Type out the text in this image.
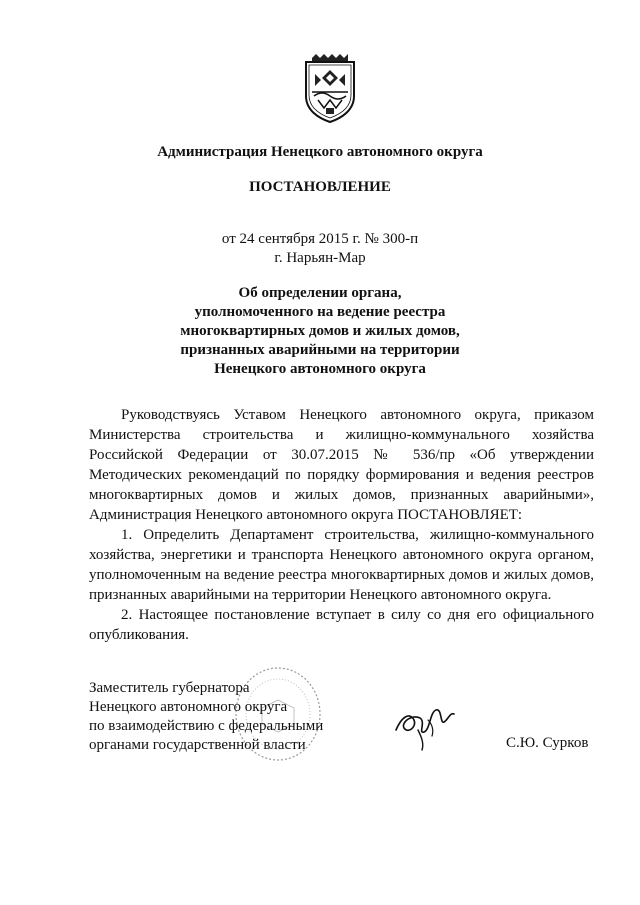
Администрация Ненецкого автономного округа
ПОСТАНОВЛЕНИЕ
от 24 сентября 2015 г. № 300-п
г. Нарьян-Мар
Об определении органа,
уполномоченного на ведение реестра
многоквартирных домов и жилых домов,
признанных аварийными на территории
Ненецкого автономного округа

Руководствуясь Уставом Ненецкого автономного округа, приказом Министерства строительства и жилищно-коммунального хозяйства Российской Федерации от 30.07.2015 № 536/пр «Об утверждении Методических рекомендаций по порядку формирования и ведения реестров многоквартирных домов и жилых домов, признанных аварийными», Администрация Ненецкого автономного округа ПОСТАНОВЛЯЕТ:

1. Определить Департамент строительства, жилищно-коммунального хозяйства, энергетики и транспорта Ненецкого автономного округа органом, уполномоченным на ведение реестра многоквартирных домов и жилых домов, признанных аварийными на территории Ненецкого автономного округа.

2. Настоящее постановление вступает в силу со дня его официального опубликования.

Заместитель губернатора
Ненецкого автономного округа
по взаимодействию с федеральными
органами государственной власти	С.Ю. Сурков
